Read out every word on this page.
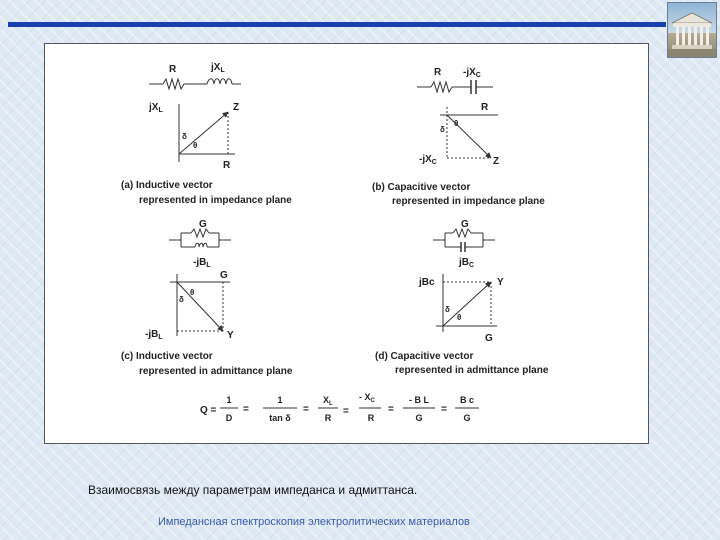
R	$jX_L$
$jX_L$	Z
R
δ
θ
(a) Inductive vector
represented in impedance plane
R $-jX_C$
R
$-jX_C$	Z
δ
θ
(b) Capacitive vector
represented in impedance plane
G
$-jB_L$
G
$-jB_L$	Y
δ
θ
(c) Inductive vector
represented in admittance plane
G
$jB_C$
jBc	Y
G
δ
θ
(d) Capacitive vector
represented in admittance plane
Q =
1
D
=
1
tan δ
=
$X_L$
R
=
- $X_C$
R
=
- B L
G
=
B c
G
Взаимосвязь между параметрам импеданса и адмиттанса.
Импедансная спектроскопия электролитических материалов
